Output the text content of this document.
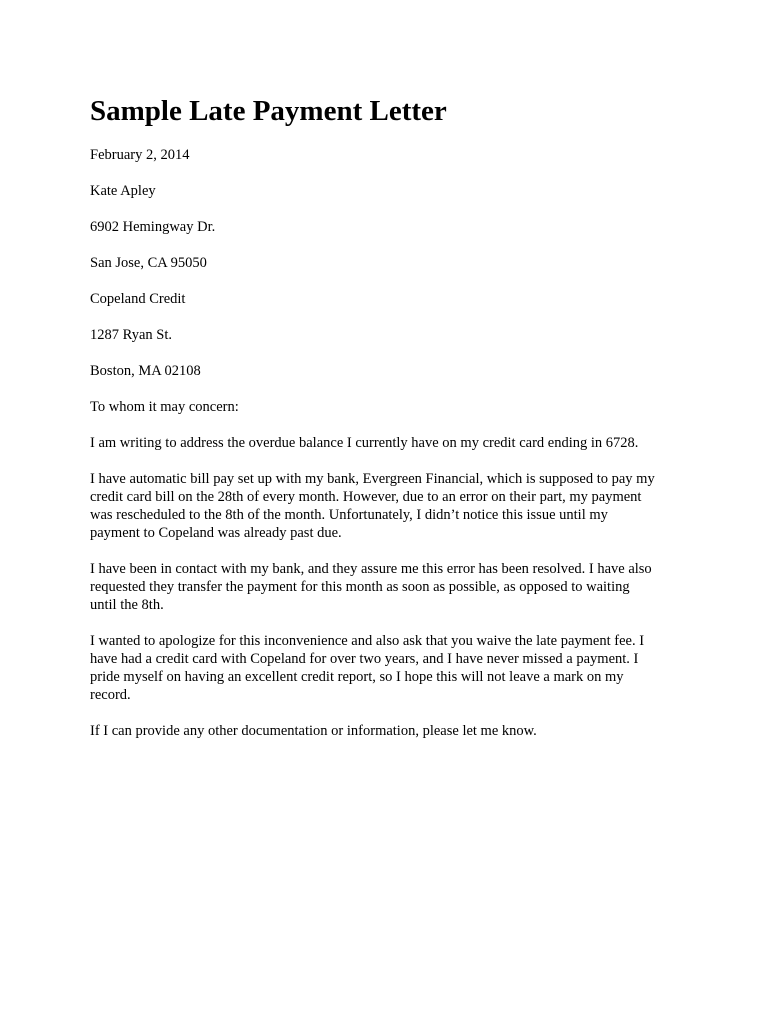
Sample Late Payment Letter

February 2, 2014

Kate Apley

6902 Hemingway Dr.

San Jose, CA 95050

Copeland Credit

1287 Ryan St.

Boston, MA 02108

To whom it may concern:

I am writing to address the overdue balance I currently have on my credit card ending in 6728.
I have automatic bill pay set up with my bank, Evergreen Financial, which is supposed to pay my
credit card bill on the 28th of every month. However, due to an error on their part, my payment
was rescheduled to the 8th of the month. Unfortunately, I didn’t notice this issue until my
payment to Copeland was already past due.
I have been in contact with my bank, and they assure me this error has been resolved. I have also
requested they transfer the payment for this month as soon as possible, as opposed to waiting
until the 8th.
I wanted to apologize for this inconvenience and also ask that you waive the late payment fee. I
have had a credit card with Copeland for over two years, and I have never missed a payment. I
pride myself on having an excellent credit report, so I hope this will not leave a mark on my
record.
If I can provide any other documentation or information, please let me know.
